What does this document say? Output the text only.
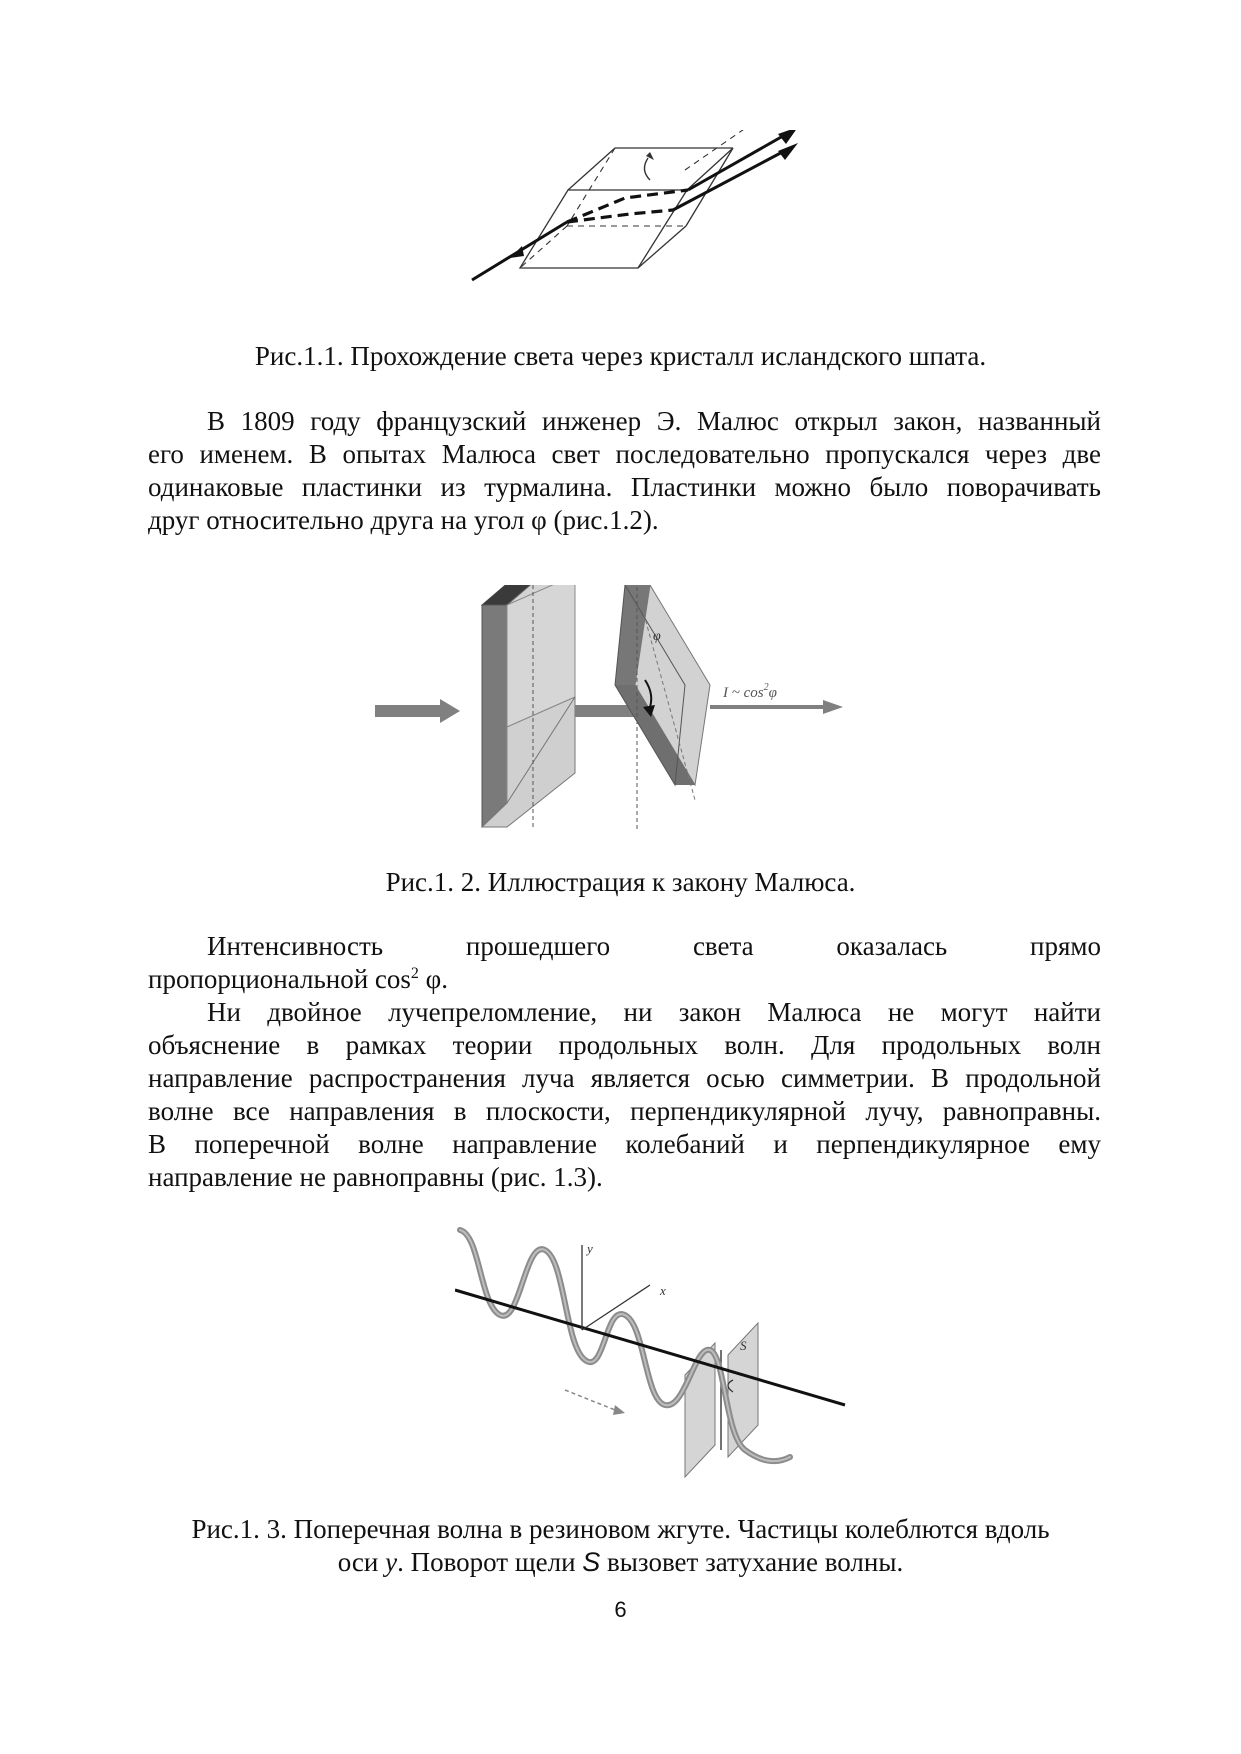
Рис.1.1. Прохождение света через кристалл исландского шпата.
В 1809 году французский инженер Э. Малюс открыл закон, названный
его именем. В опытах Малюса свет последовательно пропускался через две
одинаковые пластинки из турмалина. Пластинки можно было поворачивать
друг относительно друга на угол φ (рис.1.2).
φ
I ~ $\cos^2\varphi$
Рис.1. 2. Иллюстрация к закону Малюса.
Интенсивность прошедшего света оказалась прямо
пропорциональной $\cos^2 \varphi$.
Ни двойное лучепреломление, ни закон Малюса не могут найти
объяснение в рамках теории продольных волн. Для продольных волн
направление распространения луча является осью симметрии. В продольной
волне все направления в плоскости, перпендикулярной лучу, равноправны.
В поперечной волне направление колебаний и перпендикулярное ему
направление не равноправны (рис. 1.3).
S
y
x
Рис.1. 3. Поперечная волна в резиновом жгуте. Частицы колеблются вдоль
оси y. Поворот щели S вызовет затухание волны.
6
